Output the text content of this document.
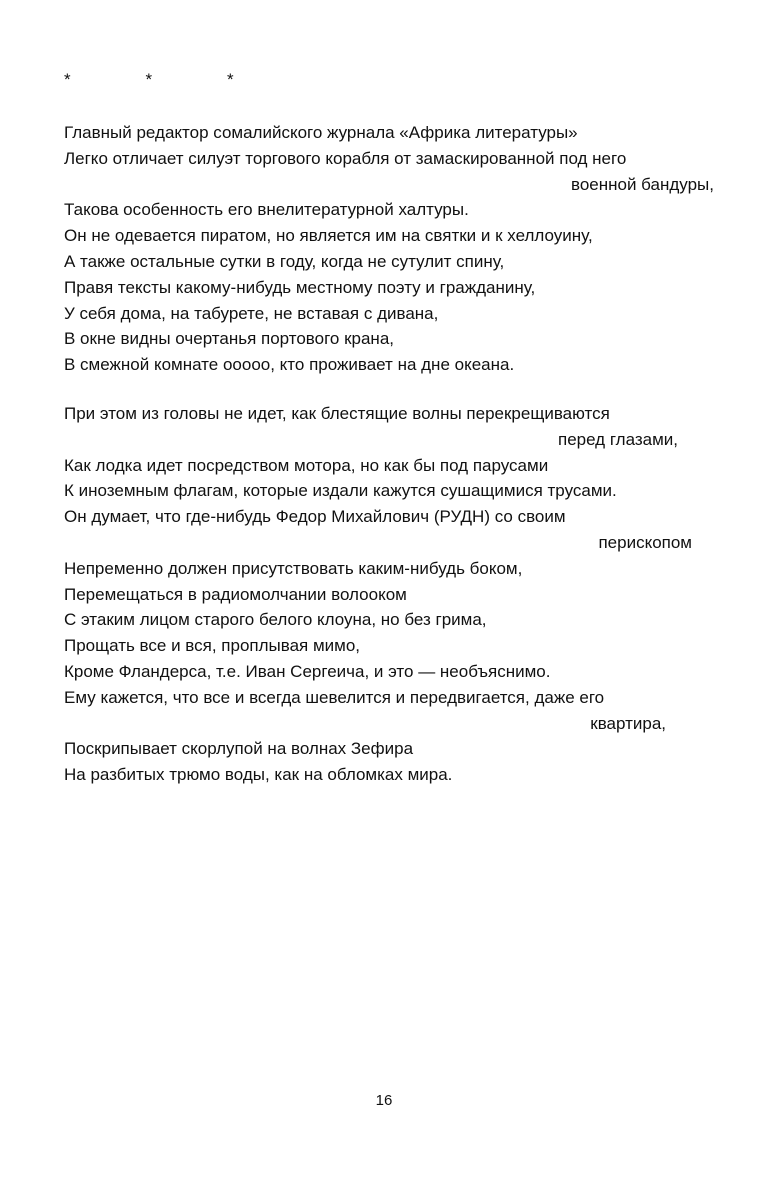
*    *    *
Главный редактор сомалийского журнала «Африка литературы»
Легко отличает силуэт торгового корабля от замаскированной под него
военной бандуры,
Такова особенность его внелитературной халтуры.
Он не одевается пиратом, но является им на святки и к хеллоуину,
А также остальные сутки в году, когда не сутулит спину,
Правя тексты какому-нибудь местному поэту и гражданину,
У себя дома, на табурете, не вставая с дивана,
В окне видны очертанья портового крана,
В смежной комнате ооооо, кто проживает на дне океана.
При этом из головы не идет, как блестящие волны перекрещиваются
перед глазами,
Как лодка идет посредством мотора, но как бы под парусами
К иноземным флагам, которые издали кажутся сушащимися трусами.
Он думает, что где-нибудь Федор Михайлович (РУДН) со своим
перископом
Непременно должен присутствовать каким-нибудь боком,
Перемещаться в радиомолчании волооком
С этаким лицом старого белого клоуна, но без грима,
Прощать все и вся, проплывая мимо,
Кроме Фландерса, т.е. Иван Сергеича, и это — необъяснимо.
Ему кажется, что все и всегда шевелится и передвигается, даже его
квартира,
Поскрипывает скорлупой на волнах Зефира
На разбитых трюмо воды, как на обломках мира.
16
